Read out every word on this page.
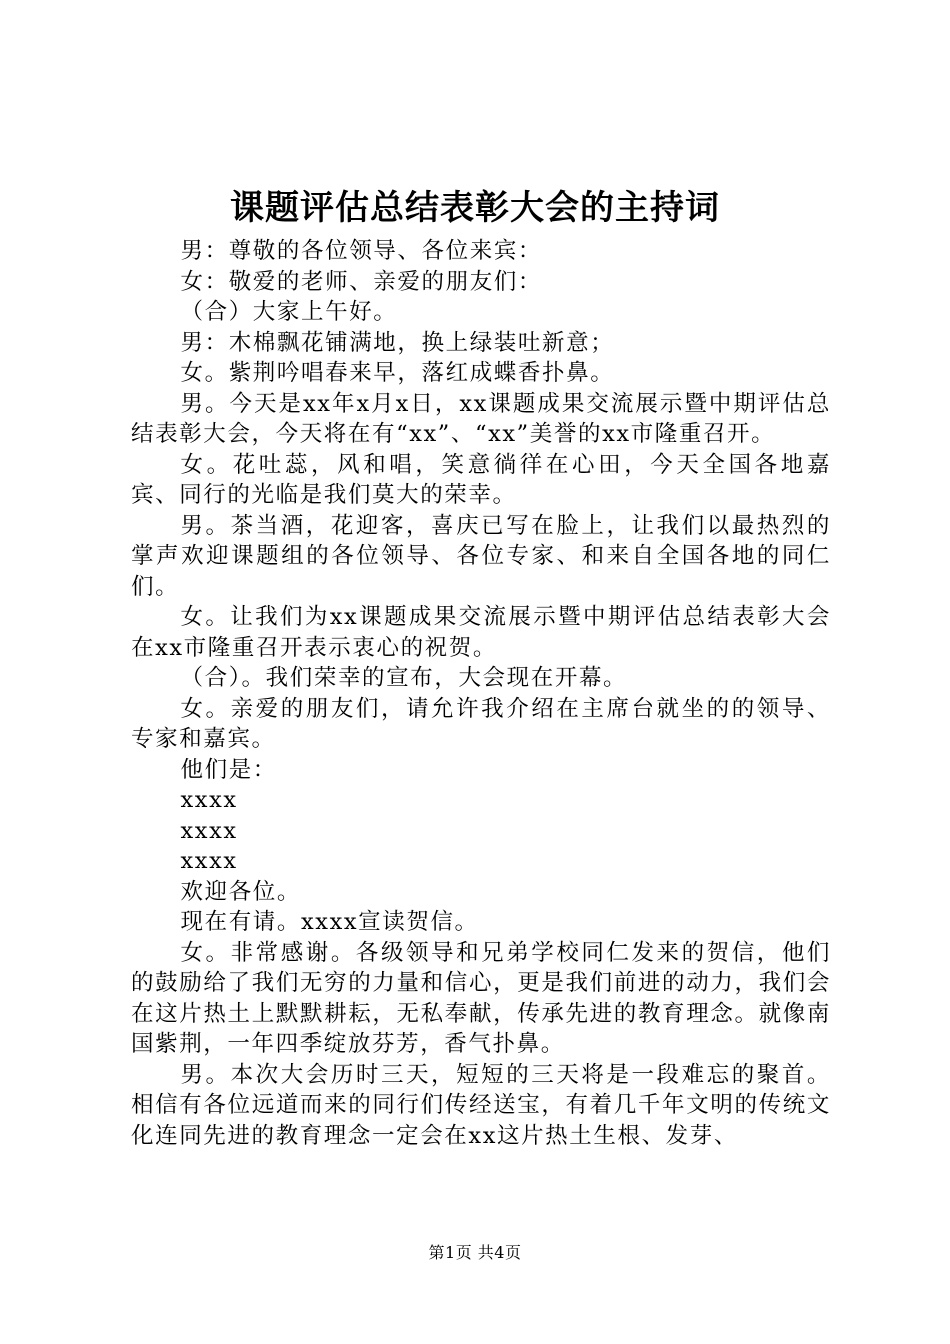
课题评估总结表彰大会的主持词

男：尊敬的各位领导、各位来宾：

女：敬爱的老师、亲爱的朋友们：

（合）大家上午好。

男：木棉飘花铺满地，换上绿装吐新意；

女。紫荆吟唱春来早，落红成蝶香扑鼻。

男。今天是xx年x月x日，xx课题成果交流展示暨中期评估总结表彰大会，今天将在有“xx”、“xx”美誉的xx市隆重召开。

女。花吐蕊，风和唱，笑意徜徉在心田，今天全国各地嘉宾、同行的光临是我们莫大的荣幸。

男。茶当酒，花迎客，喜庆已写在脸上，让我们以最热烈的掌声欢迎课题组的各位领导、各位专家、和来自全国各地的同仁们。

女。让我们为xx课题成果交流展示暨中期评估总结表彰大会在xx市隆重召开表示衷心的祝贺。

（合）。我们荣幸的宣布，大会现在开幕。

女。亲爱的朋友们，请允许我介绍在主席台就坐的的领导、专家和嘉宾。

他们是：

xxxx

xxxx

xxxx

欢迎各位。

现在有请。xxxx宣读贺信。

女。非常感谢。各级领导和兄弟学校同仁发来的贺信，他们的鼓励给了我们无穷的力量和信心，更是我们前进的动力，我们会在这片热土上默默耕耘，无私奉献，传承先进的教育理念。就像南国紫荆，一年四季绽放芬芳，香气扑鼻。

男。本次大会历时三天，短短的三天将是一段难忘的聚首。相信有各位远道而来的同行们传经送宝，有着几千年文明的传统文化连同先进的教育理念一定会在xx这片热土生根、发芽、

第1页 共4页
